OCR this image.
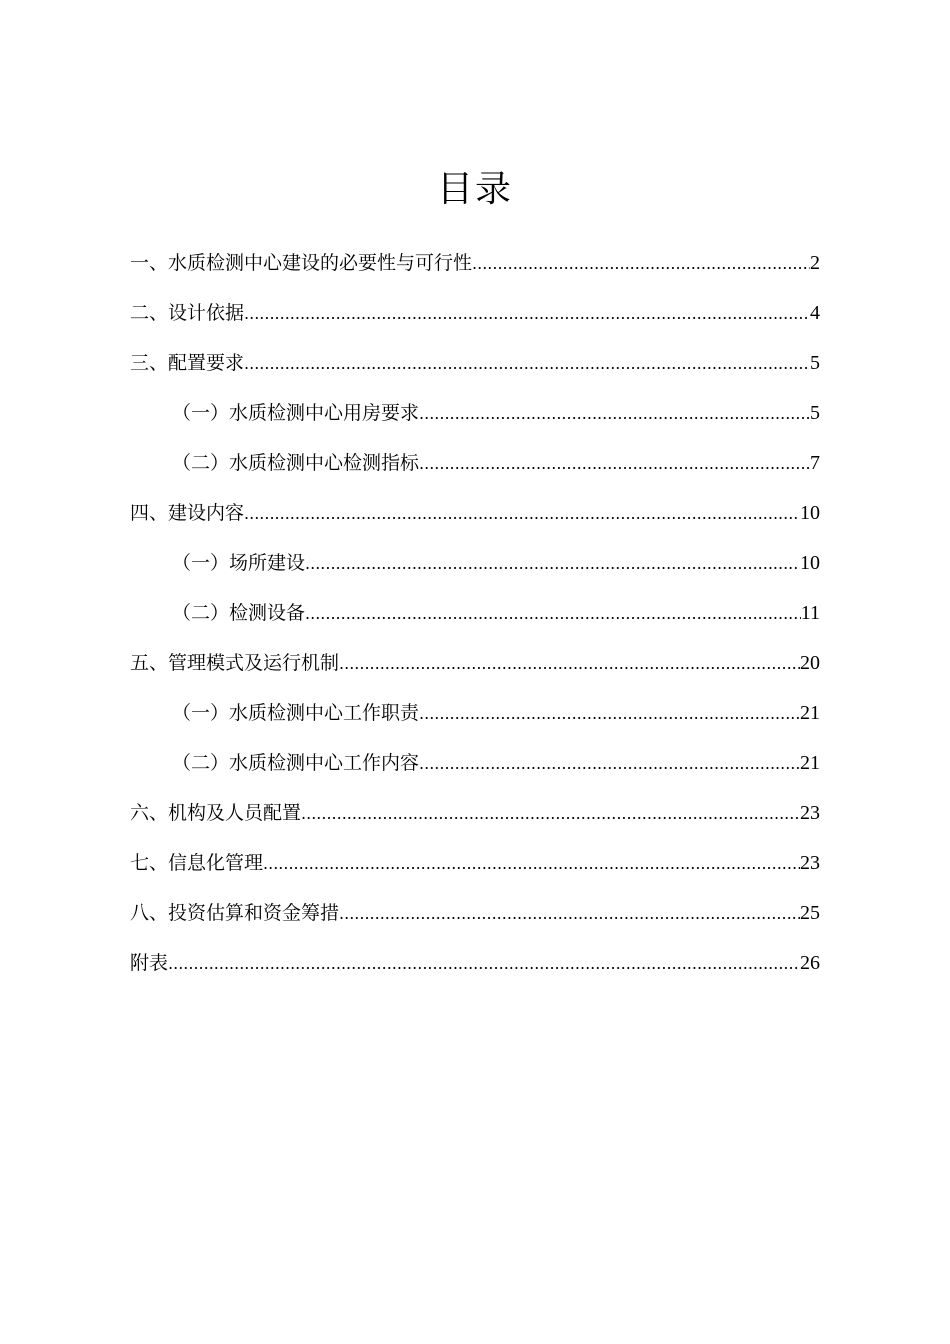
目录
一、水质检测中心建设的必要性与可行性 .....	2
二、设计依据 .....	4
三、配置要求 .....	5
（一）水质检测中心用房要求 .....	5
（二）水质检测中心检测指标 .....	7
四、建设内容 .....	10
（一）场所建设 .....	10
（二）检测设备 .....	11
五、管理模式及运行机制 .....	20
（一）水质检测中心工作职责 .....	21
（二）水质检测中心工作内容 .....	21
六、机构及人员配置 .....	23
七、信息化管理 .....	23
八、投资估算和资金筹措 .....	25
附表 .....	26
